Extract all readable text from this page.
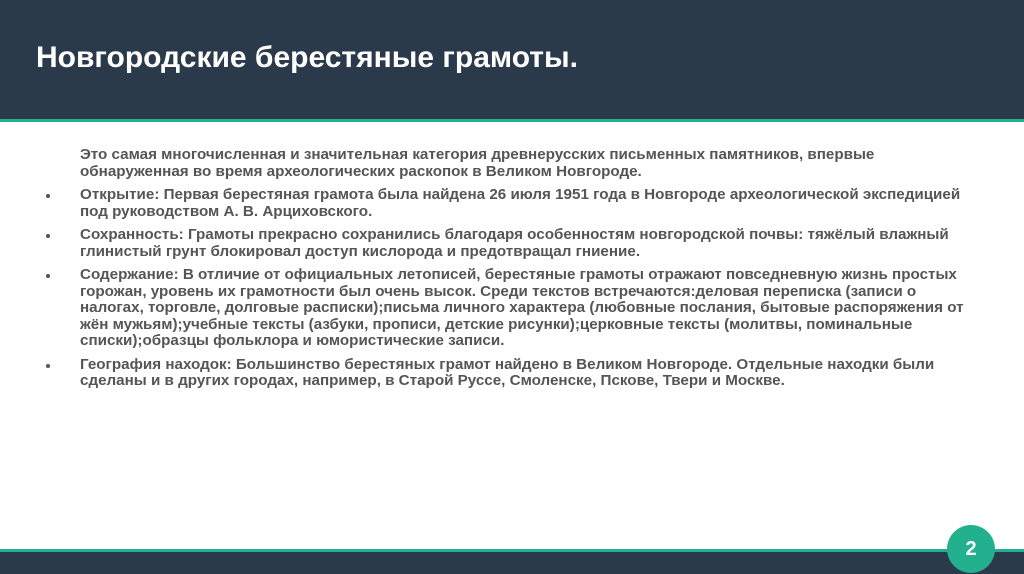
Новгородские берестяные грамоты.
Это самая многочисленная и значительная категория древнерусских письменных памятников, впервые обнаруженная во время археологических раскопок в Великом Новгороде.
Открытие: Первая берестяная грамота была найдена 26 июля 1951 года в Новгороде археологической экспедицией под руководством А. В. Арциховского.
Сохранность: Грамоты прекрасно сохранились благодаря особенностям новгородской почвы: тяжёлый влажный глинистый грунт блокировал доступ кислорода и предотвращал гниение.
Содержание: В отличие от официальных летописей, берестяные грамоты отражают повседневную жизнь простых горожан, уровень их грамотности был очень высок. Среди текстов встречаются:деловая переписка (записи о налогах, торговле, долговые расписки);письма личного характера (любовные послания, бытовые распоряжения от жён мужьям);учебные тексты (азбуки, прописи, детские рисунки);церковные тексты (молитвы, поминальные списки);образцы фольклора и юмористические записи.
География находок: Большинство берестяных грамот найдено в Великом Новгороде. Отдельные находки были сделаны и в других городах, например, в Старой Руссе, Смоленске, Пскове, Твери и Москве.
2
